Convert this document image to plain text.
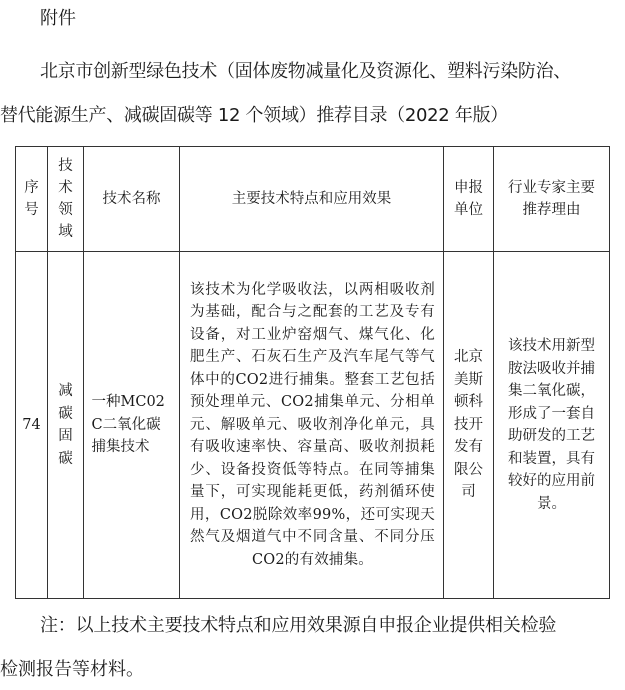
附件
北京市创新型绿色技术（固体废物减量化及资源化、塑料污染防治、
替代能源生产、减碳固碳等 12 个领域）推荐目录（2022 年版）
序号	技术领域	技术名称	主要技术特点和应用效果	申报单位	行业专家主要推荐理由
74	减碳固碳	一种MC02C二氧化碳捕集技术	该技术为化学吸收法，以两相吸收剂为基础，配合与之配套的工艺及专有设备，对工业炉窑烟气、煤气化、化肥生产、石灰石生产及汽车尾气等气体中的CO2进行捕集。整套工艺包括预处理单元、CO2捕集单元、分相单元、解吸单元、吸收剂净化单元，具有吸收速率快、容量高、吸收剂损耗少、设备投资低等特点。在同等捕集量下，可实现能耗更低，药剂循环使用，CO2脱除效率99%，还可实现天然气及烟道气中不同含量、不同分压CO2的有效捕集。	北京美斯顿科技开发有限公司	该技术用新型胺法吸收并捕集二氧化碳，形成了一套自助研发的工艺和装置，具有较好的应用前景。
注：以上技术主要技术特点和应用效果源自申报企业提供相关检验
检测报告等材料。
